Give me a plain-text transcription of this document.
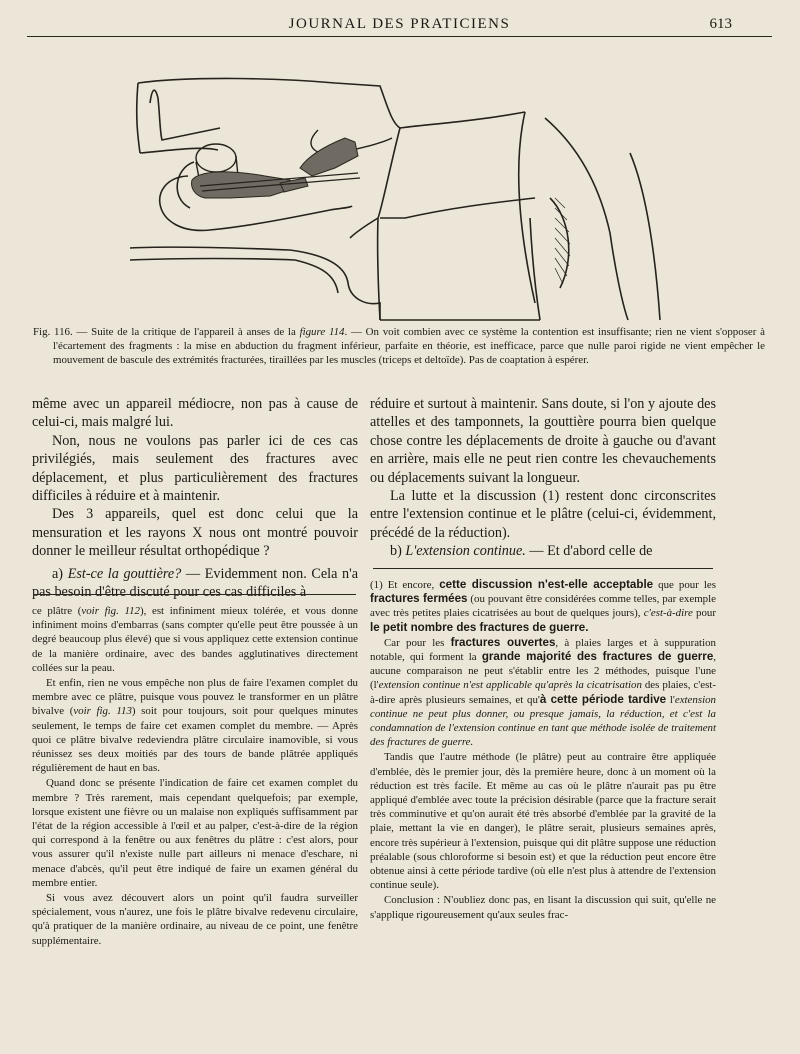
JOURNAL DES PRATICIENS	613
Fig. 116. — Suite de la critique de l'appareil à anses de la figure 114. — On voit combien avec ce système la contention est insuffisante; rien ne vient s'opposer à l'écartement des fragments : la mise en abduction du fragment inférieur, parfaite en théorie, est inefficace, parce que nulle paroi rigide ne vient empêcher le mouvement de bascule des extrémités fracturées, tiraillées par les muscles (triceps et deltoïde). Pas de coaptation à espérer.

même avec un appareil médiocre, non pas à cause de celui-ci, mais malgré lui.

Non, nous ne voulons pas parler ici de ces cas privilégiés, mais seulement des fractures avec déplacement, et plus particulièrement des fractures difficiles à réduire et à maintenir.

Des 3 appareils, quel est donc celui que la mensuration et les rayons X nous ont montré pouvoir donner le meilleur résultat orthopédique ?

a) Est-ce la gouttière? — Evidemment non. Cela n'a pas besoin d'être discuté pour ces cas difficiles à

ce plâtre (voir fig. 112), est infiniment mieux tolérée, et vous donne infiniment moins d'embarras (sans compter qu'elle peut être poussée à un degré beaucoup plus élevé) que si vous appliquez cette extension continue de la manière ordinaire, avec des bandes agglutinatives directement collées sur la peau.

Et enfin, rien ne vous empêche non plus de faire l'examen complet du membre avec ce plâtre, puisque vous pouvez le transformer en un plâtre bivalve (voir fig. 113) soit pour toujours, soit pour quelques minutes seulement, le temps de faire cet examen complet du membre. — Après quoi ce plâtre bivalve redeviendra plâtre circulaire inamovible, si vous réunissez ses deux moitiés par des tours de bande plâtrée appliqués régulièrement de haut en bas.

Quand donc se présente l'indication de faire cet examen complet du membre ? Très rarement, mais cependant quelquefois; par exemple, lorsque existent une fièvre ou un malaise non expliqués suffisamment par l'état de la région accessible à l'œil et au palper, c'est-à-dire de la région qui correspond à la fenêtre ou aux fenêtres du plâtre : c'est alors, pour vous assurer qu'il n'existe nulle part ailleurs ni menace d'eschare, ni menace d'abcès, qu'il peut être indiqué de faire un examen général du membre entier.

Si vous avez découvert alors un point qu'il faudra surveiller spécialement, vous n'aurez, une fois le plâtre bivalve redevenu circulaire, qu'à pratiquer de la manière ordinaire, au niveau de ce point, une fenêtre supplémentaire.

réduire et surtout à maintenir. Sans doute, si l'on y ajoute des attelles et des tamponnets, la gouttière pourra bien quelque chose contre les déplacements de droite à gauche ou d'avant en arrière, mais elle ne peut rien contre les chevauchements ou déplacements suivant la longueur.

La lutte et la discussion (1) restent donc circonscrites entre l'extension continue et le plâtre (celui-ci, évidemment, précédé de la réduction).

b) L'extension continue. — Et d'abord celle de

(1) Et encore, cette discussion n'est-elle acceptable que pour les fractures fermées (ou pouvant être considérées comme telles, par exemple avec très petites plaies cicatrisées au bout de quelques jours), c'est-à-dire pour le petit nombre des fractures de guerre.

Car pour les fractures ouvertes, à plaies larges et à suppuration notable, qui forment la grande majorité des fractures de guerre, aucune comparaison ne peut s'établir entre les 2 méthodes, puisque l'une (l'extension continue n'est applicable qu'après la cicatrisation des plaies, c'est-à-dire après plusieurs semaines, et qu'à cette période tardive l'extension continue ne peut plus donner, ou presque jamais, la réduction, et c'est la condamnation de l'extension continue en tant que méthode isolée de traitement des fractures de guerre.

Tandis que l'autre méthode (le plâtre) peut au contraire être appliquée d'emblée, dès le premier jour, dès la première heure, donc à un moment où la réduction est très facile. Et même au cas où le plâtre n'aurait pas pu être appliqué d'emblée avec toute la précision désirable (parce que la fracture serait très comminutive et qu'on aurait été très absorbé d'emblée par la gravité de la plaie, mettant la vie en danger), le plâtre serait, plusieurs semaines après, encore très supérieur à l'extension, puisque qui dit plâtre suppose une réduction préalable (sous chloroforme si besoin est) et que la réduction peut encore être obtenue ainsi à cette période tardive (où elle n'est plus à attendre de l'extension continue seule).

Conclusion : N'oubliez donc pas, en lisant la discussion qui suit, qu'elle ne s'applique rigoureusement qu'aux seules frac-
